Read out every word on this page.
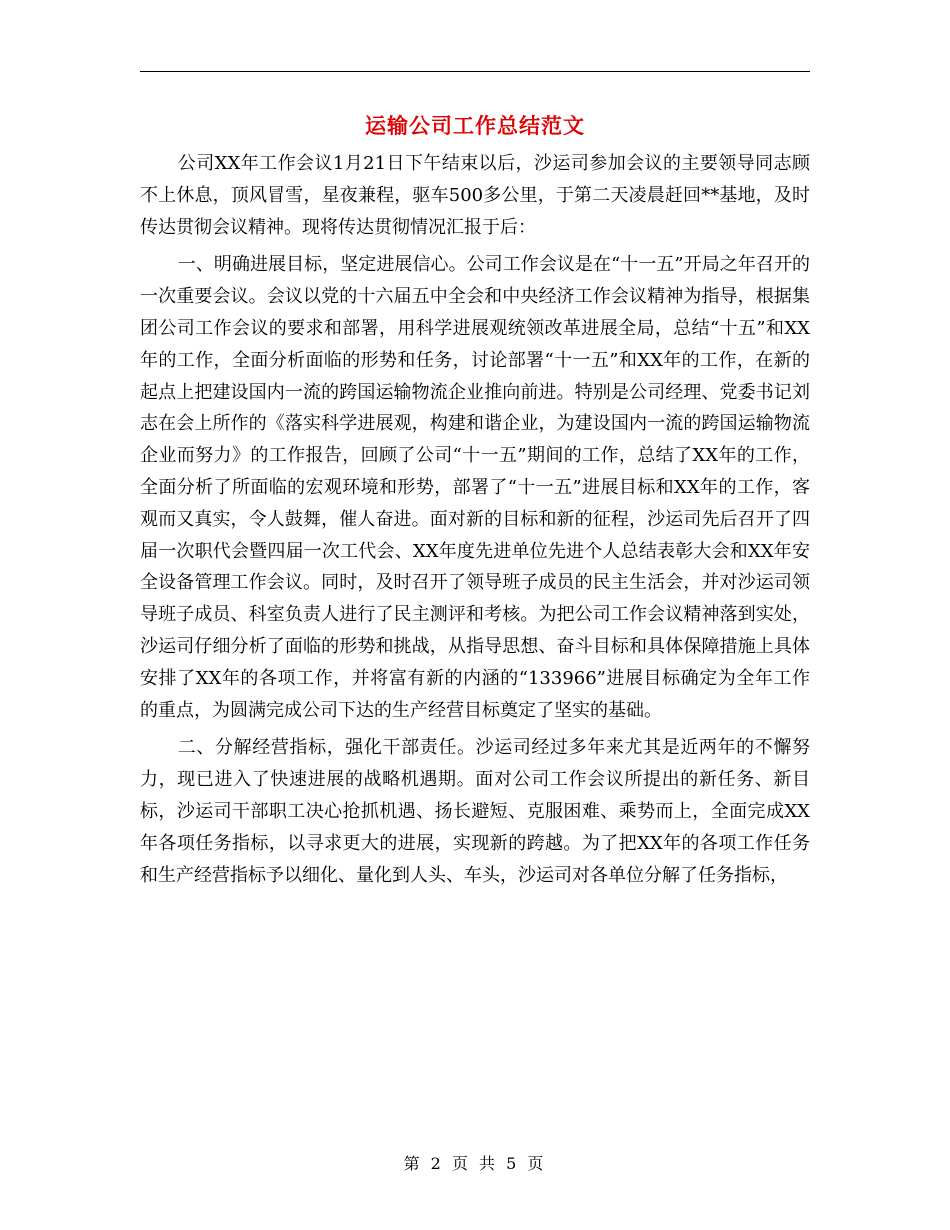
运输公司工作总结范文

公司XX年工作会议1月21日下午结束以后，沙运司参加会议的主要领导同志顾不上休息，顶风冒雪，星夜兼程，驱车500多公里，于第二天凌晨赶回**基地，及时传达贯彻会议精神。现将传达贯彻情况汇报于后：

一、明确进展目标，坚定进展信心。公司工作会议是在“十一五”开局之年召开的一次重要会议。会议以党的十六届五中全会和中央经济工作会议精神为指导，根据集团公司工作会议的要求和部署，用科学进展观统领改革进展全局，总结“十五”和XX年的工作，全面分析面临的形势和任务，讨论部署“十一五”和XX年的工作，在新的起点上把建设国内一流的跨国运输物流企业推向前进。特别是公司经理、党委书记刘志在会上所作的《落实科学进展观，构建和谐企业，为建设国内一流的跨国运输物流企业而努力》的工作报告，回顾了公司“十一五”期间的工作，总结了XX年的工作，全面分析了所面临的宏观环境和形势，部署了“十一五”进展目标和XX年的工作，客观而又真实，令人鼓舞，催人奋进。面对新的目标和新的征程，沙运司先后召开了四届一次职代会暨四届一次工代会、XX年度先进单位先进个人总结表彰大会和XX年安全设备管理工作会议。同时，及时召开了领导班子成员的民主生活会，并对沙运司领导班子成员、科室负责人进行了民主测评和考核。为把公司工作会议精神落到实处，沙运司仔细分析了面临的形势和挑战，从指导思想、奋斗目标和具体保障措施上具体安排了XX年的各项工作，并将富有新的内涵的“133966”进展目标确定为全年工作的重点，为圆满完成公司下达的生产经营目标奠定了坚实的基础。

二、分解经营指标，强化干部责任。沙运司经过多年来尤其是近两年的不懈努力，现已进入了快速进展的战略机遇期。面对公司工作会议所提出的新任务、新目标，沙运司干部职工决心抢抓机遇、扬长避短、克服困难、乘势而上，全面完成XX年各项任务指标，以寻求更大的进展，实现新的跨越。为了把XX年的各项工作任务和生产经营指标予以细化、量化到人头、车头，沙运司对各单位分解了任务指标，

第 2 页 共 5 页
